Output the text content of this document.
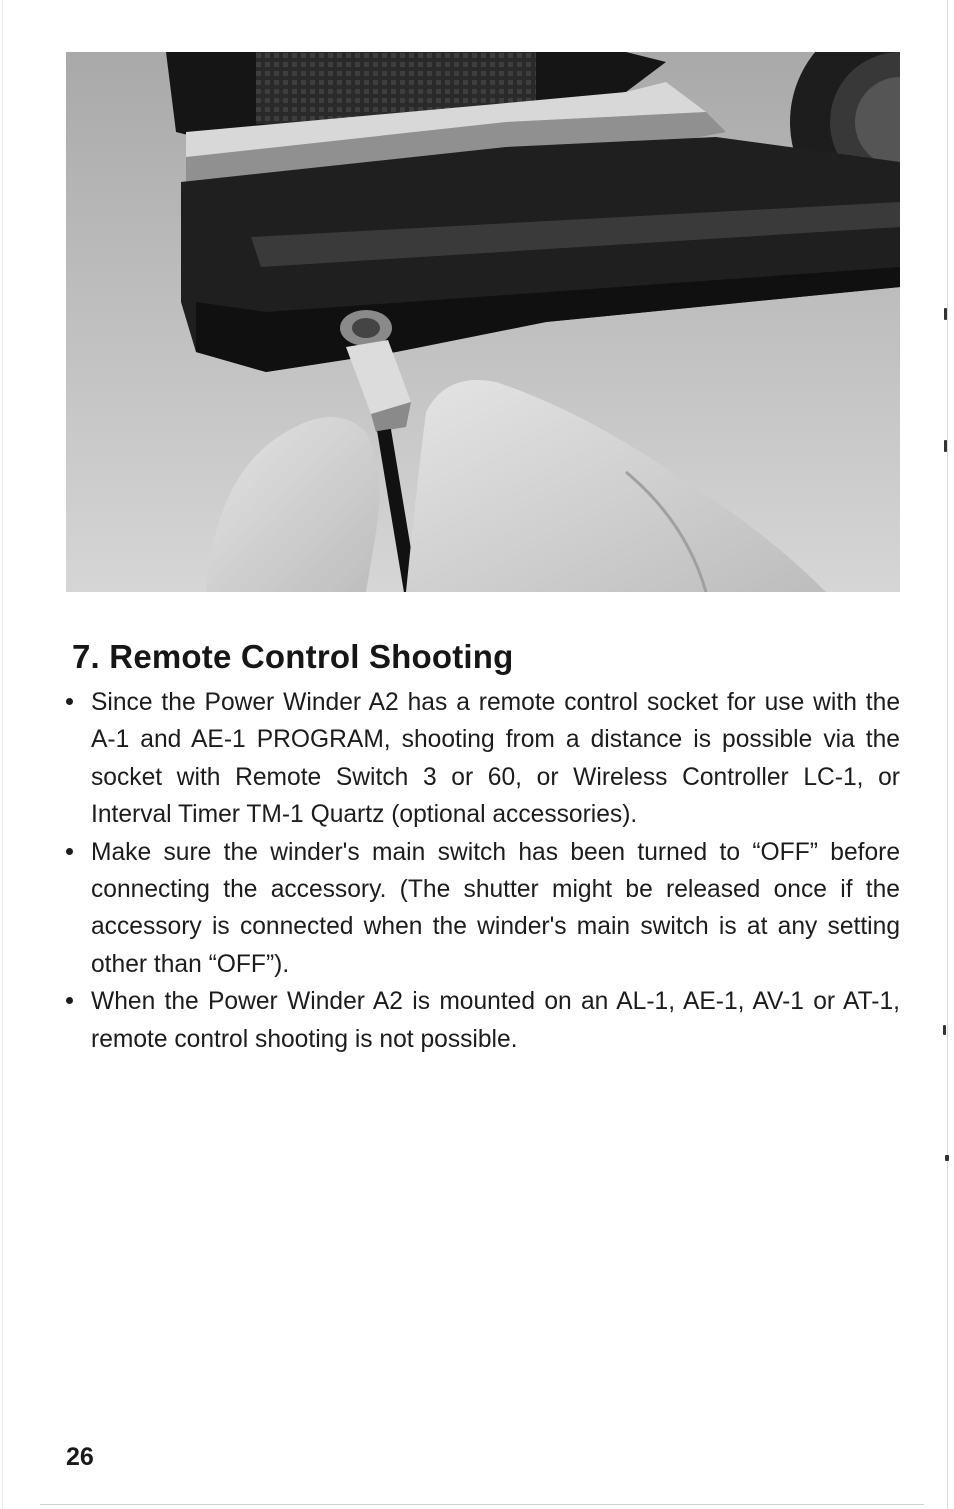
7. Remote Control Shooting

Since the Power Winder A2 has a remote control socket for use with the A-1 and AE-1 PROGRAM, shooting from a distance is possible via the socket with Remote Switch 3 or 60, or Wireless Controller LC-1, or Interval Timer TM-1 Quartz (optional accessories).

Make sure the winder's main switch has been turned to “OFF” before connecting the accessory. (The shutter might be released once if the accessory is connected when the winder's main switch is at any setting other than “OFF”).

When the Power Winder A2 is mounted on an AL-1, AE-1, AV-1 or AT-1, remote control shooting is not possible.

26
